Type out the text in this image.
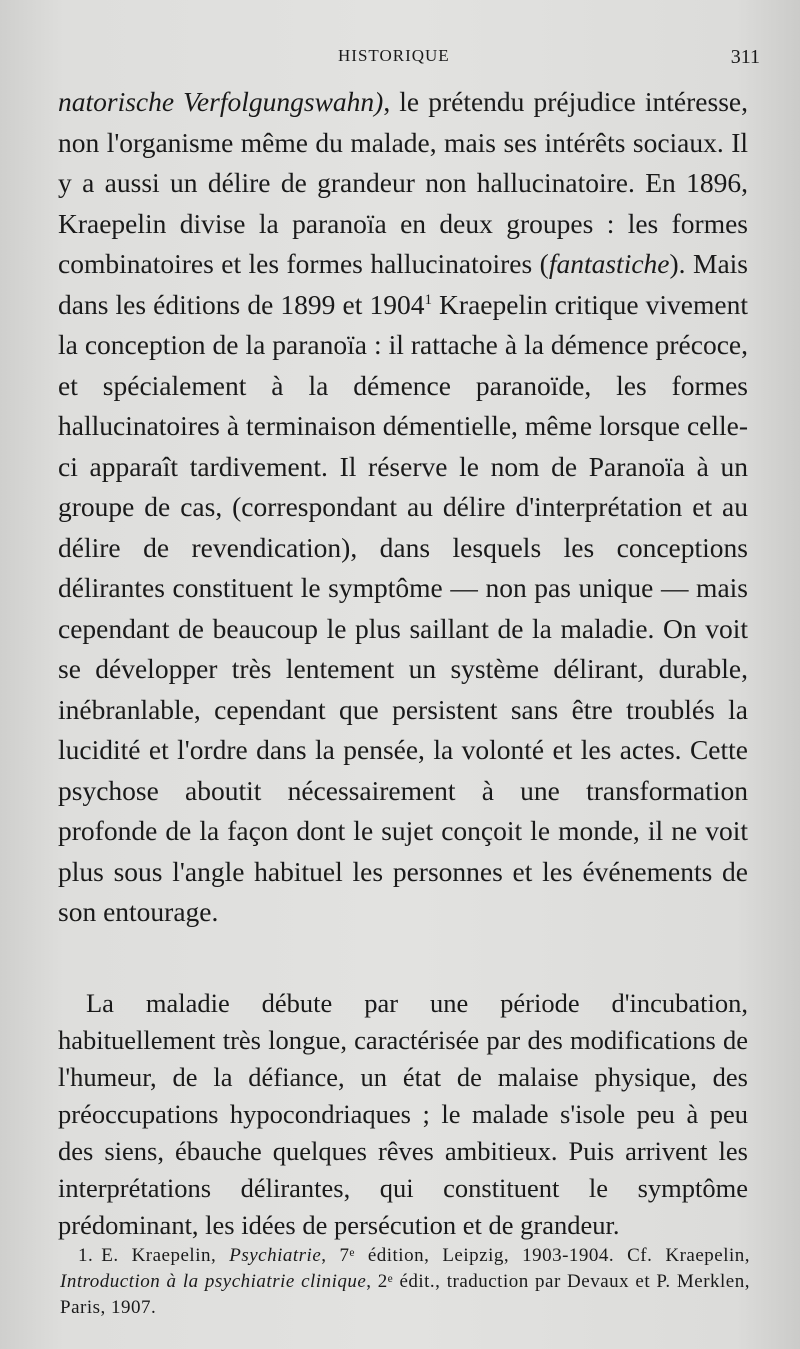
HISTORIQUE	311

natorische Verfolgungswahn), le prétendu préjudice intéresse, non l'organisme même du malade, mais ses intérêts sociaux. Il y a aussi un délire de grandeur non hallucinatoire. En 1896, Kraepelin divise la paranoïa en deux groupes : les formes combinatoires et les formes hallucinatoires (fantastiche). Mais dans les éditions de 1899 et 1904$^1$ Kraepelin critique vivement la conception de la paranoïa : il rattache à la démence précoce, et spécialement à la démence paranoïde, les formes hallucinatoires à terminaison démentielle, même lorsque celle-ci apparaît tardivement. Il réserve le nom de Paranoïa à un groupe de cas, (correspondant au délire d'interprétation et au délire de revendication), dans lesquels les conceptions délirantes constituent le symptôme — non pas unique — mais cependant de beaucoup le plus saillant de la maladie. On voit se développer très lentement un système délirant, durable, inébranlable, cependant que persistent sans être troublés la lucidité et l'ordre dans la pensée, la volonté et les actes. Cette psychose aboutit nécessairement à une transformation profonde de la façon dont le sujet conçoit le monde, il ne voit plus sous l'angle habituel les personnes et les événements de son entourage.

La maladie débute par une période d'incubation, habituellement très longue, caractérisée par des modifications de l'humeur, de la défiance, un état de malaise physique, des préoccupations hypocondriaques ; le malade s'isole peu à peu des siens, ébauche quelques rêves ambitieux. Puis arrivent les interprétations délirantes, qui constituent le symptôme prédominant, les idées de persécution et de grandeur.

1. E. Kraepelin, Psychiatrie, 7ᵉ édition, Leipzig, 1903-1904. Cf. Kraepelin, Introduction à la psychiatrie clinique, 2ᵉ édit., traduction par Devaux et P. Merklen, Paris, 1907.
